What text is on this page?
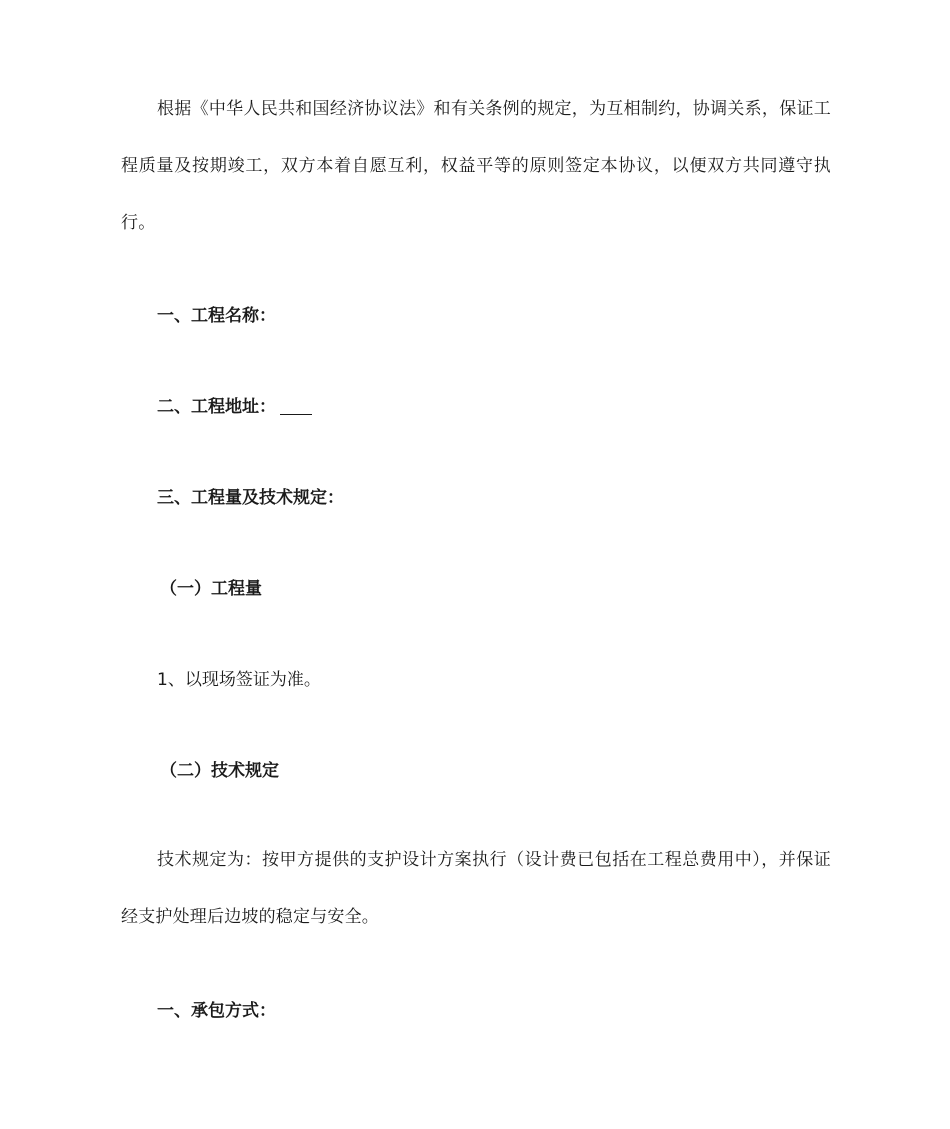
根据《中华人民共和国经济协议法》和有关条例的规定，为互相制约，协调关系，保证工程质量及按期竣工，双方本着自愿互利，权益平等的原则签定本协议，以便双方共同遵守执行。

一、工程名称：

二、工程地址：

三、工程量及技术规定：

（一）工程量

1、以现场签证为准。

（二）技术规定

技术规定为：按甲方提供的支护设计方案执行（设计费已包括在工程总费用中），并保证经支护处理后边坡的稳定与安全。

一、承包方式：
